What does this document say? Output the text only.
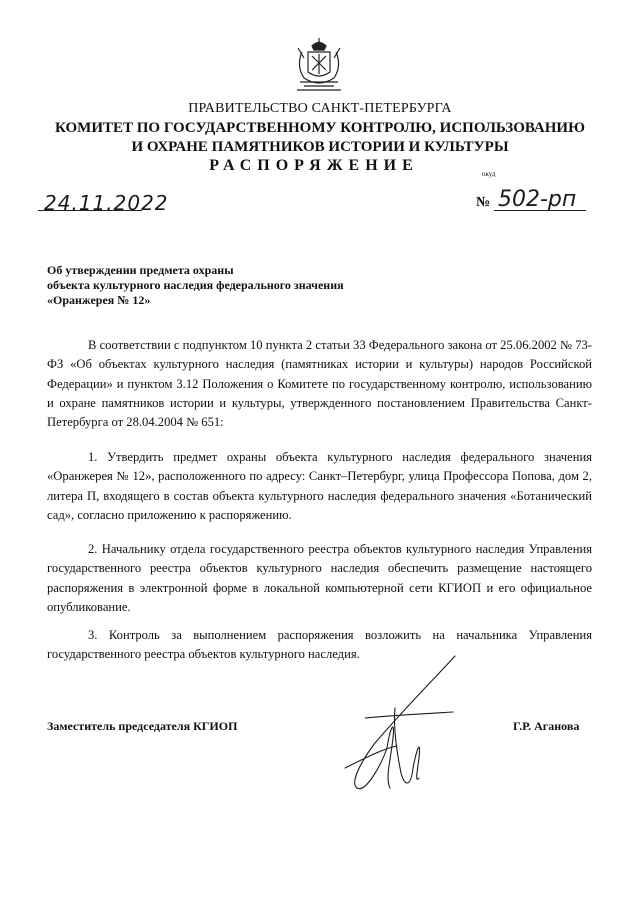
ПРАВИТЕЛЬСТВО САНКТ-ПЕТЕРБУРГА
КОМИТЕТ ПО ГОСУДАРСТВЕННОМУ КОНТРОЛЮ, ИСПОЛЬЗОВАНИЮ
И ОХРАНЕ ПАМЯТНИКОВ ИСТОРИИ И КУЛЬТУРЫ
РАСПОРЯЖЕНИЕ	окуд
24.11.2022	№ 502-рп
Об утверждении предмета охраны
объекта культурного наследия федерального значения
«Оранжерея № 12»

В соответствии с подпунктом 10 пункта 2 статьи 33 Федерального закона от 25.06.2002 № 73-ФЗ «Об объектах культурного наследия (памятниках истории и культуры) народов Российской Федерации» и пунктом 3.12 Положения о Комитете по государственному контролю, использованию и охране памятников истории и культуры, утвержденного постановлением Правительства Санкт-Петербурга от 28.04.2004 № 651:

1. Утвердить предмет охраны объекта культурного наследия федерального значения «Оранжерея № 12», расположенного по адресу: Санкт–Петербург, улица Профессора Попова, дом 2, литера П, входящего в состав объекта культурного наследия федерального значения «Ботанический сад», согласно приложению к распоряжению.

2. Начальнику отдела государственного реестра объектов культурного наследия Управления государственного реестра объектов культурного наследия обеспечить размещение настоящего распоряжения в электронной форме в локальной компьютерной сети КГИОП и его официальное опубликование.

3. Контроль за выполнением распоряжения возложить на начальника Управления государственного реестра объектов культурного наследия.

Заместитель председателя КГИОП	Г.Р. Аганова
